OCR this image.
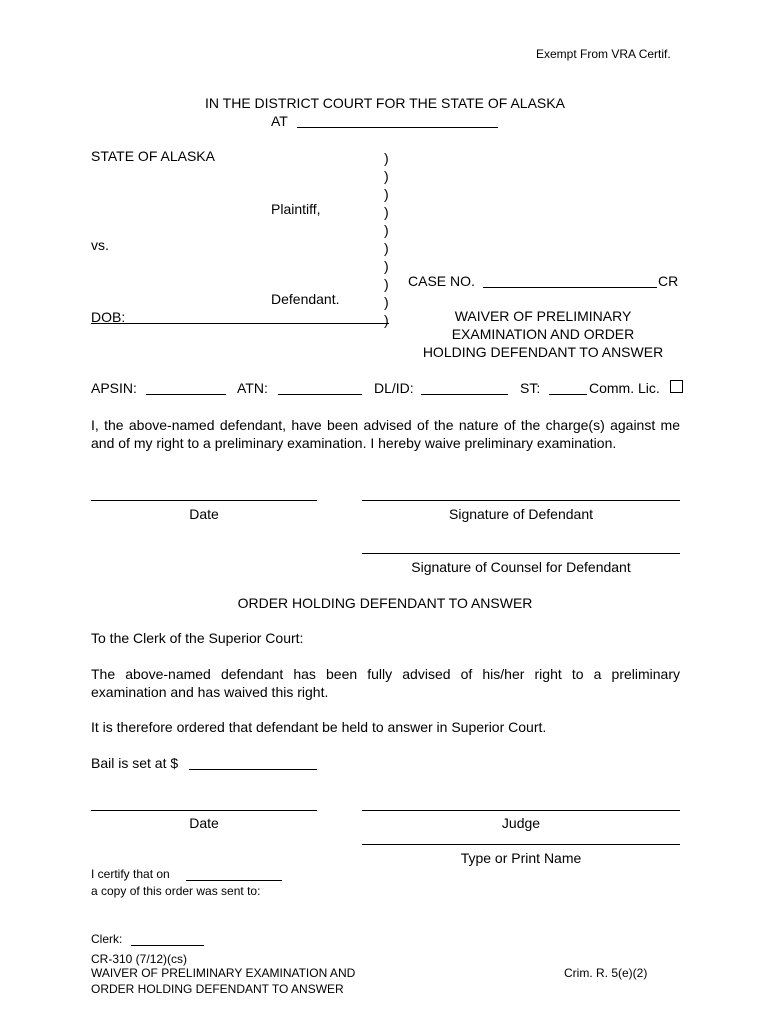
Exempt From VRA Certif.
IN THE DISTRICT COURT FOR THE STATE OF ALASKA
AT
STATE OF ALASKA	)
)
)
)
)
)
)
)
)
)
Plaintiff,
vs.
Defendant.
DOB:
CASE NO.	CR
WAIVER OF PRELIMINARY
EXAMINATION AND ORDER
HOLDING DEFENDANT TO ANSWER
APSIN:	ATN:	DL/ID:	ST:	Comm. Lic.
I, the above-named defendant, have been advised of the nature of the charge(s) against me and of my right to a preliminary examination. I hereby waive preliminary examination.
Date	Signature of Defendant
Signature of Counsel for Defendant
ORDER HOLDING DEFENDANT TO ANSWER
To the Clerk of the Superior Court:
The above-named defendant has been fully advised of his/her right to a preliminary examination and has waived this right.
It is therefore ordered that defendant be held to answer in Superior Court.
Bail is set at $
Date	Judge
Type or Print Name
I certify that on
a copy of this order was sent to:
Clerk:
CR-310 (7/12)(cs)
WAIVER OF PRELIMINARY EXAMINATION AND
ORDER HOLDING DEFENDANT TO ANSWER
Crim. R. 5(e)(2)
